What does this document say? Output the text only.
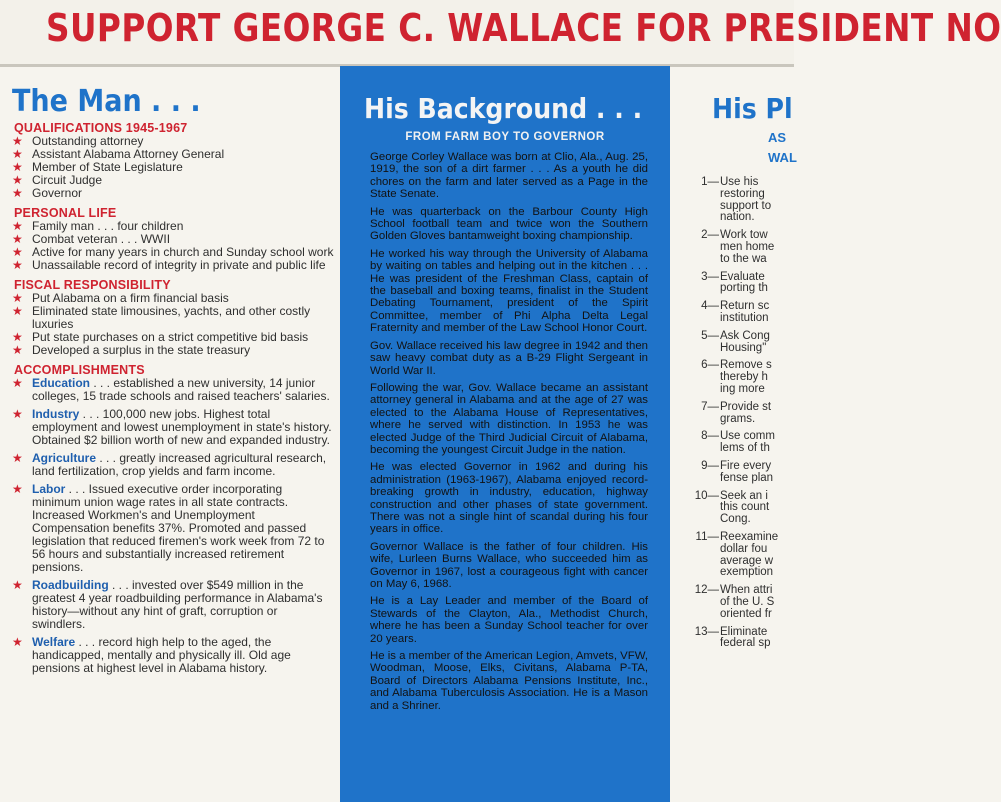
SUPPORT GEORGE C. WALLACE FOR PRESIDENT NO
The Man . . .
QUALIFICATIONS 1945-1967
★ Outstanding attorney
★ Assistant Alabama Attorney General
★ Member of State Legislature
★ Circuit Judge
★ Governor
PERSONAL LIFE
★ Family man . . . four children
★ Combat veteran . . . WWII
★ Active for many years in church and Sunday school work
★ Unassailable record of integrity in private and public life
FISCAL RESPONSIBILITY
★ Put Alabama on a firm financial basis
★ Eliminated state limousines, yachts, and other costly luxuries
★ Put state purchases on a strict competitive bid basis
★ Developed a surplus in the state treasury
ACCOMPLISHMENTS
★ Education . . . established a new university, 14 junior colleges, 15 trade schools and raised teachers' salaries.
★ Industry . . . 100,000 new jobs. Highest total employment and lowest unemployment in state's history. Obtained $2 billion worth of new and expanded industry.
★ Agriculture . . . greatly increased agricultural research, land fertilization, crop yields and farm income.
★ Labor . . . Issued executive order incorporating minimum union wage rates in all state contracts. Increased Workmen's and Unemployment Compensation benefits 37%. Promoted and passed legislation that reduced firemen's work week from 72 to 56 hours and substantially increased retirement pensions.
★ Roadbuilding . . . invested over $549 million in the greatest 4 year roadbuilding performance in Alabama's history—without any hint of graft, corruption or swindlers.
★ Welfare . . . record high help to the aged, the handicapped, mentally and physically ill. Old age pensions at highest level in Alabama history.
His Background . . .
FROM FARM BOY TO GOVERNOR

George Corley Wallace was born at Clio, Ala., Aug. 25, 1919, the son of a dirt farmer . . . As a youth he did chores on the farm and later served as a Page in the State Senate.

He was quarterback on the Barbour County High School football team and twice won the Southern Golden Gloves bantamweight boxing championship.

He worked his way through the University of Alabama by waiting on tables and helping out in the kitchen . . . He was president of the Freshman Class, captain of the baseball and boxing teams, finalist in the Student Debating Tournament, president of the Spirit Committee, member of Phi Alpha Delta Legal Fraternity and member of the Law School Honor Court.

Gov. Wallace received his law degree in 1942 and then saw heavy combat duty as a B-29 Flight Sergeant in World War II.

Following the war, Gov. Wallace became an assistant attorney general in Alabama and at the age of 27 was elected to the Alabama House of Representatives, where he served with distinction. In 1953 he was elected Judge of the Third Judicial Circuit of Alabama, becoming the youngest Circuit Judge in the nation.

He was elected Governor in 1962 and during his administration (1963-1967), Alabama enjoyed record-breaking growth in industry, education, highway construction and other phases of state government. There was not a single hint of scandal during his four years in office.

Governor Wallace is the father of four children. His wife, Lurleen Burns Wallace, who succeeded him as Governor in 1967, lost a courageous fight with cancer on May 6, 1968.

He is a Lay Leader and member of the Board of Stewards of the Clayton, Ala., Methodist Church, where he has been a Sunday School teacher for over 20 years.

He is a member of the American Legion, Amvets, VFW, Woodman, Moose, Elks, Civitans, Alabama P-TA, Board of Directors Alabama Pensions Institute, Inc., and Alabama Tuberculosis Association. He is a Mason and a Shriner.

His Pl
AS
WAL
1— Use his
restoring
support to
nation.
2— Work tow
men home
to the wa
3— Evaluate
porting th
4— Return sc
institution
5— Ask Cong
Housing"
6— Remove s
thereby h
ing more
7— Provide st
grams.
8— Use comm
lems of th
9— Fire every
fense plan
10— Seek an i
this count
Cong.
11— Reexamine
dollar fou
average w
exemption
12— When attri
of the U. S
oriented fr
13— Eliminate
federal sp
